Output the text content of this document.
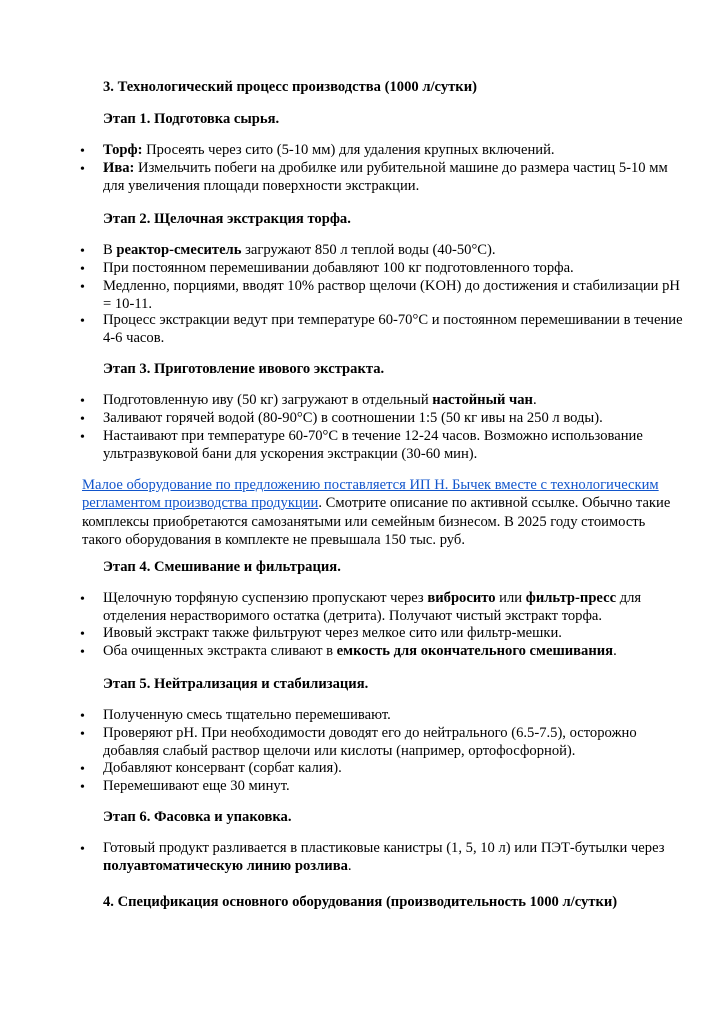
3. Технологический процесс производства (1000 л/сутки)
Этап 1. Подготовка сырья.
• Торф: Просеять через сито (5-10 мм) для удаления крупных включений.
• Ива: Измельчить побеги на дробилке или рубительной машине до размера частиц 5-10 мм для увеличения площади поверхности экстракции.
Этап 2. Щелочная экстракция торфа.
• В реактор-смеситель загружают 850 л теплой воды (40-50°C).
• При постоянном перемешивании добавляют 100 кг подготовленного торфа.
• Медленно, порциями, вводят 10% раствор щелочи (KOH) до достижения и стабилизации pH = 10-11.
• Процесс экстракции ведут при температуре 60-70°C и постоянном перемешивании в течение 4-6 часов.
Этап 3. Приготовление ивового экстракта.
• Подготовленную иву (50 кг) загружают в отдельный настойный чан.
• Заливают горячей водой (80-90°C) в соотношении 1:5 (50 кг ивы на 250 л воды).
• Настаивают при температуре 60-70°C в течение 12-24 часов. Возможно использование ультразвуковой бани для ускорения экстракции (30-60 мин).
Малое оборудование по предложению поставляется ИП Н. Бычек вместе с технологическим регламентом производства продукции. Смотрите описание по активной ссылке. Обычно такие комплексы приобретаются самозанятыми или семейным бизнесом. В 2025 году стоимость такого оборудования в комплекте не превышала 150 тыс. руб.
Этап 4. Смешивание и фильтрация.
• Щелочную торфяную суспензию пропускают через вибросито или фильтр-пресс для отделения нерастворимого остатка (детрита). Получают чистый экстракт торфа.
• Ивовый экстракт также фильтруют через мелкое сито или фильтр-мешки.
• Оба очищенных экстракта сливают в емкость для окончательного смешивания.
Этап 5. Нейтрализация и стабилизация.
• Полученную смесь тщательно перемешивают.
• Проверяют pH. При необходимости доводят его до нейтрального (6.5-7.5), осторожно добавляя слабый раствор щелочи или кислоты (например, ортофосфорной).
• Добавляют консервант (сорбат калия).
• Перемешивают еще 30 минут.
Этап 6. Фасовка и упаковка.
• Готовый продукт разливается в пластиковые канистры (1, 5, 10 л) или ПЭТ-бутылки через полуавтоматическую линию розлива.
4. Спецификация основного оборудования (производительность 1000 л/сутки)
